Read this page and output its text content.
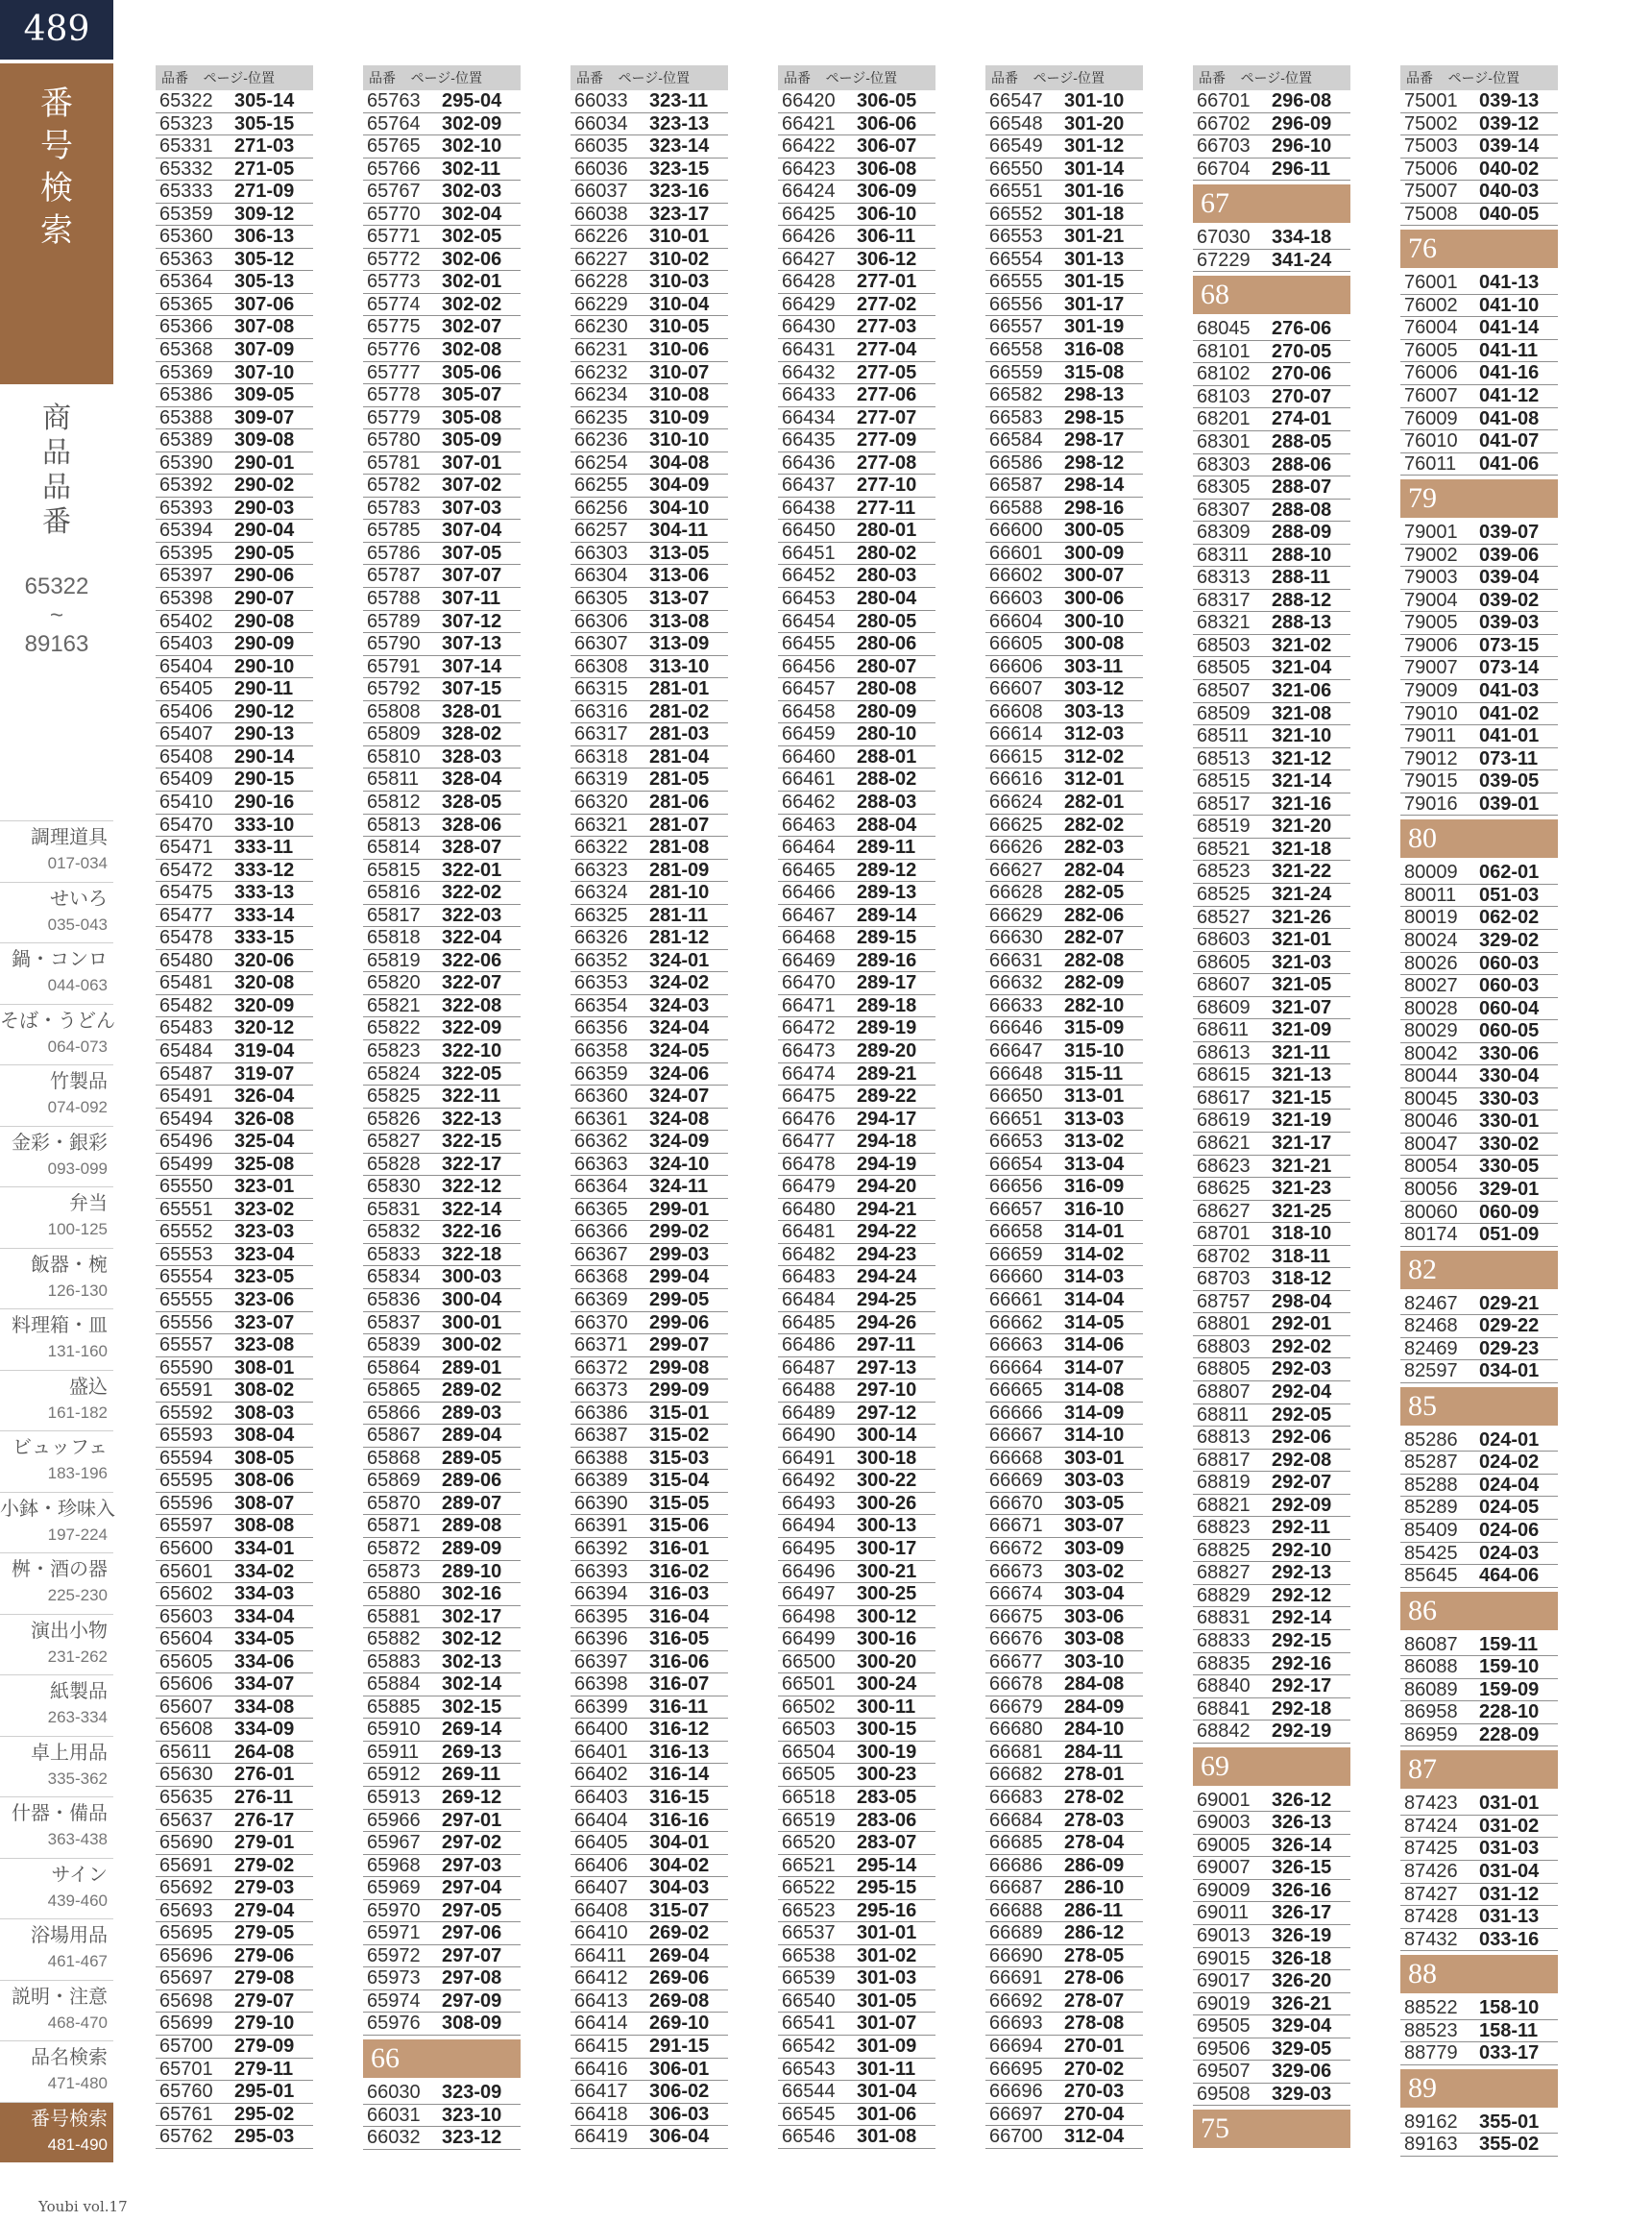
489
番
号
検
索
商
品
品
番
65322
~
89163
調理道具
017-034
せいろ
035-043
鍋・コンロ
044-063
そば・うどん
064-073
竹製品
074-092
金彩・銀彩
093-099
弁当
100-125
飯器・椀
126-130
料理箱・皿
131-160
盛込
161-182
ビュッフェ
183-196
小鉢・珍味入
197-224
桝・酒の器
225-230
演出小物
231-262
紙製品
263-334
卓上用品
335-362
什器・備品
363-438
サイン
439-460
浴場用品
461-467
説明・注意
468-470
品名検索
471-480
番号検索
481-490
品番 ページ-位置
65322 305-14
65323 305-15
65331 271-03
65332 271-05
65333 271-09
65359 309-12
65360 306-13
65363 305-12
65364 305-13
65365 307-06
65366 307-08
65368 307-09
65369 307-10
65386 309-05
65388 309-07
65389 309-08
65390 290-01
65392 290-02
65393 290-03
65394 290-04
65395 290-05
65397 290-06
65398 290-07
65402 290-08
65403 290-09
65404 290-10
65405 290-11
65406 290-12
65407 290-13
65408 290-14
65409 290-15
65410 290-16
65470 333-10
65471 333-11
65472 333-12
65475 333-13
65477 333-14
65478 333-15
65480 320-06
65481 320-08
65482 320-09
65483 320-12
65484 319-04
65487 319-07
65491 326-04
65494 326-08
65496 325-04
65499 325-08
65550 323-01
65551 323-02
65552 323-03
65553 323-04
65554 323-05
65555 323-06
65556 323-07
65557 323-08
65590 308-01
65591 308-02
65592 308-03
65593 308-04
65594 308-05
65595 308-06
65596 308-07
65597 308-08
65600 334-01
65601 334-02
65602 334-03
65603 334-04
65604 334-05
65605 334-06
65606 334-07
65607 334-08
65608 334-09
65611 264-08
65630 276-01
65635 276-11
65637 276-17
65690 279-01
65691 279-02
65692 279-03
65693 279-04
65695 279-05
65696 279-06
65697 279-08
65698 279-07
65699 279-10
65700 279-09
65701 279-11
65760 295-01
65761 295-02
65762 295-03
品番 ページ-位置
65763 295-04
65764 302-09
65765 302-10
65766 302-11
65767 302-03
65770 302-04
65771 302-05
65772 302-06
65773 302-01
65774 302-02
65775 302-07
65776 302-08
65777 305-06
65778 305-07
65779 305-08
65780 305-09
65781 307-01
65782 307-02
65783 307-03
65785 307-04
65786 307-05
65787 307-07
65788 307-11
65789 307-12
65790 307-13
65791 307-14
65792 307-15
65808 328-01
65809 328-02
65810 328-03
65811 328-04
65812 328-05
65813 328-06
65814 328-07
65815 322-01
65816 322-02
65817 322-03
65818 322-04
65819 322-06
65820 322-07
65821 322-08
65822 322-09
65823 322-10
65824 322-05
65825 322-11
65826 322-13
65827 322-15
65828 322-17
65830 322-12
65831 322-14
65832 322-16
65833 322-18
65834 300-03
65836 300-04
65837 300-01
65839 300-02
65864 289-01
65865 289-02
65866 289-03
65867 289-04
65868 289-05
65869 289-06
65870 289-07
65871 289-08
65872 289-09
65873 289-10
65880 302-16
65881 302-17
65882 302-12
65883 302-13
65884 302-14
65885 302-15
65910 269-14
65911 269-13
65912 269-11
65913 269-12
65966 297-01
65967 297-02
65968 297-03
65969 297-04
65970 297-05
65971 297-06
65972 297-07
65973 297-08
65974 297-09
65976 308-09
66
66030 323-09
66031 323-10
66032 323-12
品番 ページ-位置
66033 323-11
66034 323-13
66035 323-14
66036 323-15
66037 323-16
66038 323-17
66226 310-01
66227 310-02
66228 310-03
66229 310-04
66230 310-05
66231 310-06
66232 310-07
66234 310-08
66235 310-09
66236 310-10
66254 304-08
66255 304-09
66256 304-10
66257 304-11
66303 313-05
66304 313-06
66305 313-07
66306 313-08
66307 313-09
66308 313-10
66315 281-01
66316 281-02
66317 281-03
66318 281-04
66319 281-05
66320 281-06
66321 281-07
66322 281-08
66323 281-09
66324 281-10
66325 281-11
66326 281-12
66352 324-01
66353 324-02
66354 324-03
66356 324-04
66358 324-05
66359 324-06
66360 324-07
66361 324-08
66362 324-09
66363 324-10
66364 324-11
66365 299-01
66366 299-02
66367 299-03
66368 299-04
66369 299-05
66370 299-06
66371 299-07
66372 299-08
66373 299-09
66386 315-01
66387 315-02
66388 315-03
66389 315-04
66390 315-05
66391 315-06
66392 316-01
66393 316-02
66394 316-03
66395 316-04
66396 316-05
66397 316-06
66398 316-07
66399 316-11
66400 316-12
66401 316-13
66402 316-14
66403 316-15
66404 316-16
66405 304-01
66406 304-02
66407 304-03
66408 315-07
66410 269-02
66411 269-04
66412 269-06
66413 269-08
66414 269-10
66415 291-15
66416 306-01
66417 306-02
66418 306-03
66419 306-04
品番 ページ-位置
66420 306-05
66421 306-06
66422 306-07
66423 306-08
66424 306-09
66425 306-10
66426 306-11
66427 306-12
66428 277-01
66429 277-02
66430 277-03
66431 277-04
66432 277-05
66433 277-06
66434 277-07
66435 277-09
66436 277-08
66437 277-10
66438 277-11
66450 280-01
66451 280-02
66452 280-03
66453 280-04
66454 280-05
66455 280-06
66456 280-07
66457 280-08
66458 280-09
66459 280-10
66460 288-01
66461 288-02
66462 288-03
66463 288-04
66464 289-11
66465 289-12
66466 289-13
66467 289-14
66468 289-15
66469 289-16
66470 289-17
66471 289-18
66472 289-19
66473 289-20
66474 289-21
66475 289-22
66476 294-17
66477 294-18
66478 294-19
66479 294-20
66480 294-21
66481 294-22
66482 294-23
66483 294-24
66484 294-25
66485 294-26
66486 297-11
66487 297-13
66488 297-10
66489 297-12
66490 300-14
66491 300-18
66492 300-22
66493 300-26
66494 300-13
66495 300-17
66496 300-21
66497 300-25
66498 300-12
66499 300-16
66500 300-20
66501 300-24
66502 300-11
66503 300-15
66504 300-19
66505 300-23
66518 283-05
66519 283-06
66520 283-07
66521 295-14
66522 295-15
66523 295-16
66537 301-01
66538 301-02
66539 301-03
66540 301-05
66541 301-07
66542 301-09
66543 301-11
66544 301-04
66545 301-06
66546 301-08
品番 ページ-位置
66547 301-10
66548 301-20
66549 301-12
66550 301-14
66551 301-16
66552 301-18
66553 301-21
66554 301-13
66555 301-15
66556 301-17
66557 301-19
66558 316-08
66559 315-08
66582 298-13
66583 298-15
66584 298-17
66586 298-12
66587 298-14
66588 298-16
66600 300-05
66601 300-09
66602 300-07
66603 300-06
66604 300-10
66605 300-08
66606 303-11
66607 303-12
66608 303-13
66614 312-03
66615 312-02
66616 312-01
66624 282-01
66625 282-02
66626 282-03
66627 282-04
66628 282-05
66629 282-06
66630 282-07
66631 282-08
66632 282-09
66633 282-10
66646 315-09
66647 315-10
66648 315-11
66650 313-01
66651 313-03
66653 313-02
66654 313-04
66656 316-09
66657 316-10
66658 314-01
66659 314-02
66660 314-03
66661 314-04
66662 314-05
66663 314-06
66664 314-07
66665 314-08
66666 314-09
66667 314-10
66668 303-01
66669 303-03
66670 303-05
66671 303-07
66672 303-09
66673 303-02
66674 303-04
66675 303-06
66676 303-08
66677 303-10
66678 284-08
66679 284-09
66680 284-10
66681 284-11
66682 278-01
66683 278-02
66684 278-03
66685 278-04
66686 286-09
66687 286-10
66688 286-11
66689 286-12
66690 278-05
66691 278-06
66692 278-07
66693 278-08
66694 270-01
66695 270-02
66696 270-03
66697 270-04
66700 312-04
品番 ページ-位置
66701 296-08
66702 296-09
66703 296-10
66704 296-11
67
67030 334-18
67229 341-24
68
68045 276-06
68101 270-05
68102 270-06
68103 270-07
68201 274-01
68301 288-05
68303 288-06
68305 288-07
68307 288-08
68309 288-09
68311 288-10
68313 288-11
68317 288-12
68321 288-13
68503 321-02
68505 321-04
68507 321-06
68509 321-08
68511 321-10
68513 321-12
68515 321-14
68517 321-16
68519 321-20
68521 321-18
68523 321-22
68525 321-24
68527 321-26
68603 321-01
68605 321-03
68607 321-05
68609 321-07
68611 321-09
68613 321-11
68615 321-13
68617 321-15
68619 321-19
68621 321-17
68623 321-21
68625 321-23
68627 321-25
68701 318-10
68702 318-11
68703 318-12
68757 298-04
68801 292-01
68803 292-02
68805 292-03
68807 292-04
68811 292-05
68813 292-06
68817 292-08
68819 292-07
68821 292-09
68823 292-11
68825 292-10
68827 292-13
68829 292-12
68831 292-14
68833 292-15
68835 292-16
68840 292-17
68841 292-18
68842 292-19
69
69001 326-12
69003 326-13
69005 326-14
69007 326-15
69009 326-16
69011 326-17
69013 326-19
69015 326-18
69017 326-20
69019 326-21
69505 329-04
69506 329-05
69507 329-06
69508 329-03
75
品番 ページ-位置
75001 039-13
75002 039-12
75003 039-14
75006 040-02
75007 040-03
75008 040-05
76
76001 041-13
76002 041-10
76004 041-14
76005 041-11
76006 041-16
76007 041-12
76009 041-08
76010 041-07
76011 041-06
79
79001 039-07
79002 039-06
79003 039-04
79004 039-02
79005 039-03
79006 073-15
79007 073-14
79009 041-03
79010 041-02
79011 041-01
79012 073-11
79015 039-05
79016 039-01
80
80009 062-01
80011 051-03
80019 062-02
80024 329-02
80026 060-03
80027 060-03
80028 060-04
80029 060-05
80042 330-06
80044 330-04
80045 330-03
80046 330-01
80047 330-02
80054 330-05
80056 329-01
80060 060-09
80174 051-09
82
82467 029-21
82468 029-22
82469 029-23
82597 034-01
85
85286 024-01
85287 024-02
85288 024-04
85289 024-05
85409 024-06
85425 024-03
85645 464-06
86
86087 159-11
86088 159-10
86089 159-09
86958 228-10
86959 228-09
87
87423 031-01
87424 031-02
87425 031-03
87426 031-04
87427 031-12
87428 031-13
87432 033-16
88
88522 158-10
88523 158-11
88779 033-17
89
89162 355-01
89163 355-02
Youbi vol.17
